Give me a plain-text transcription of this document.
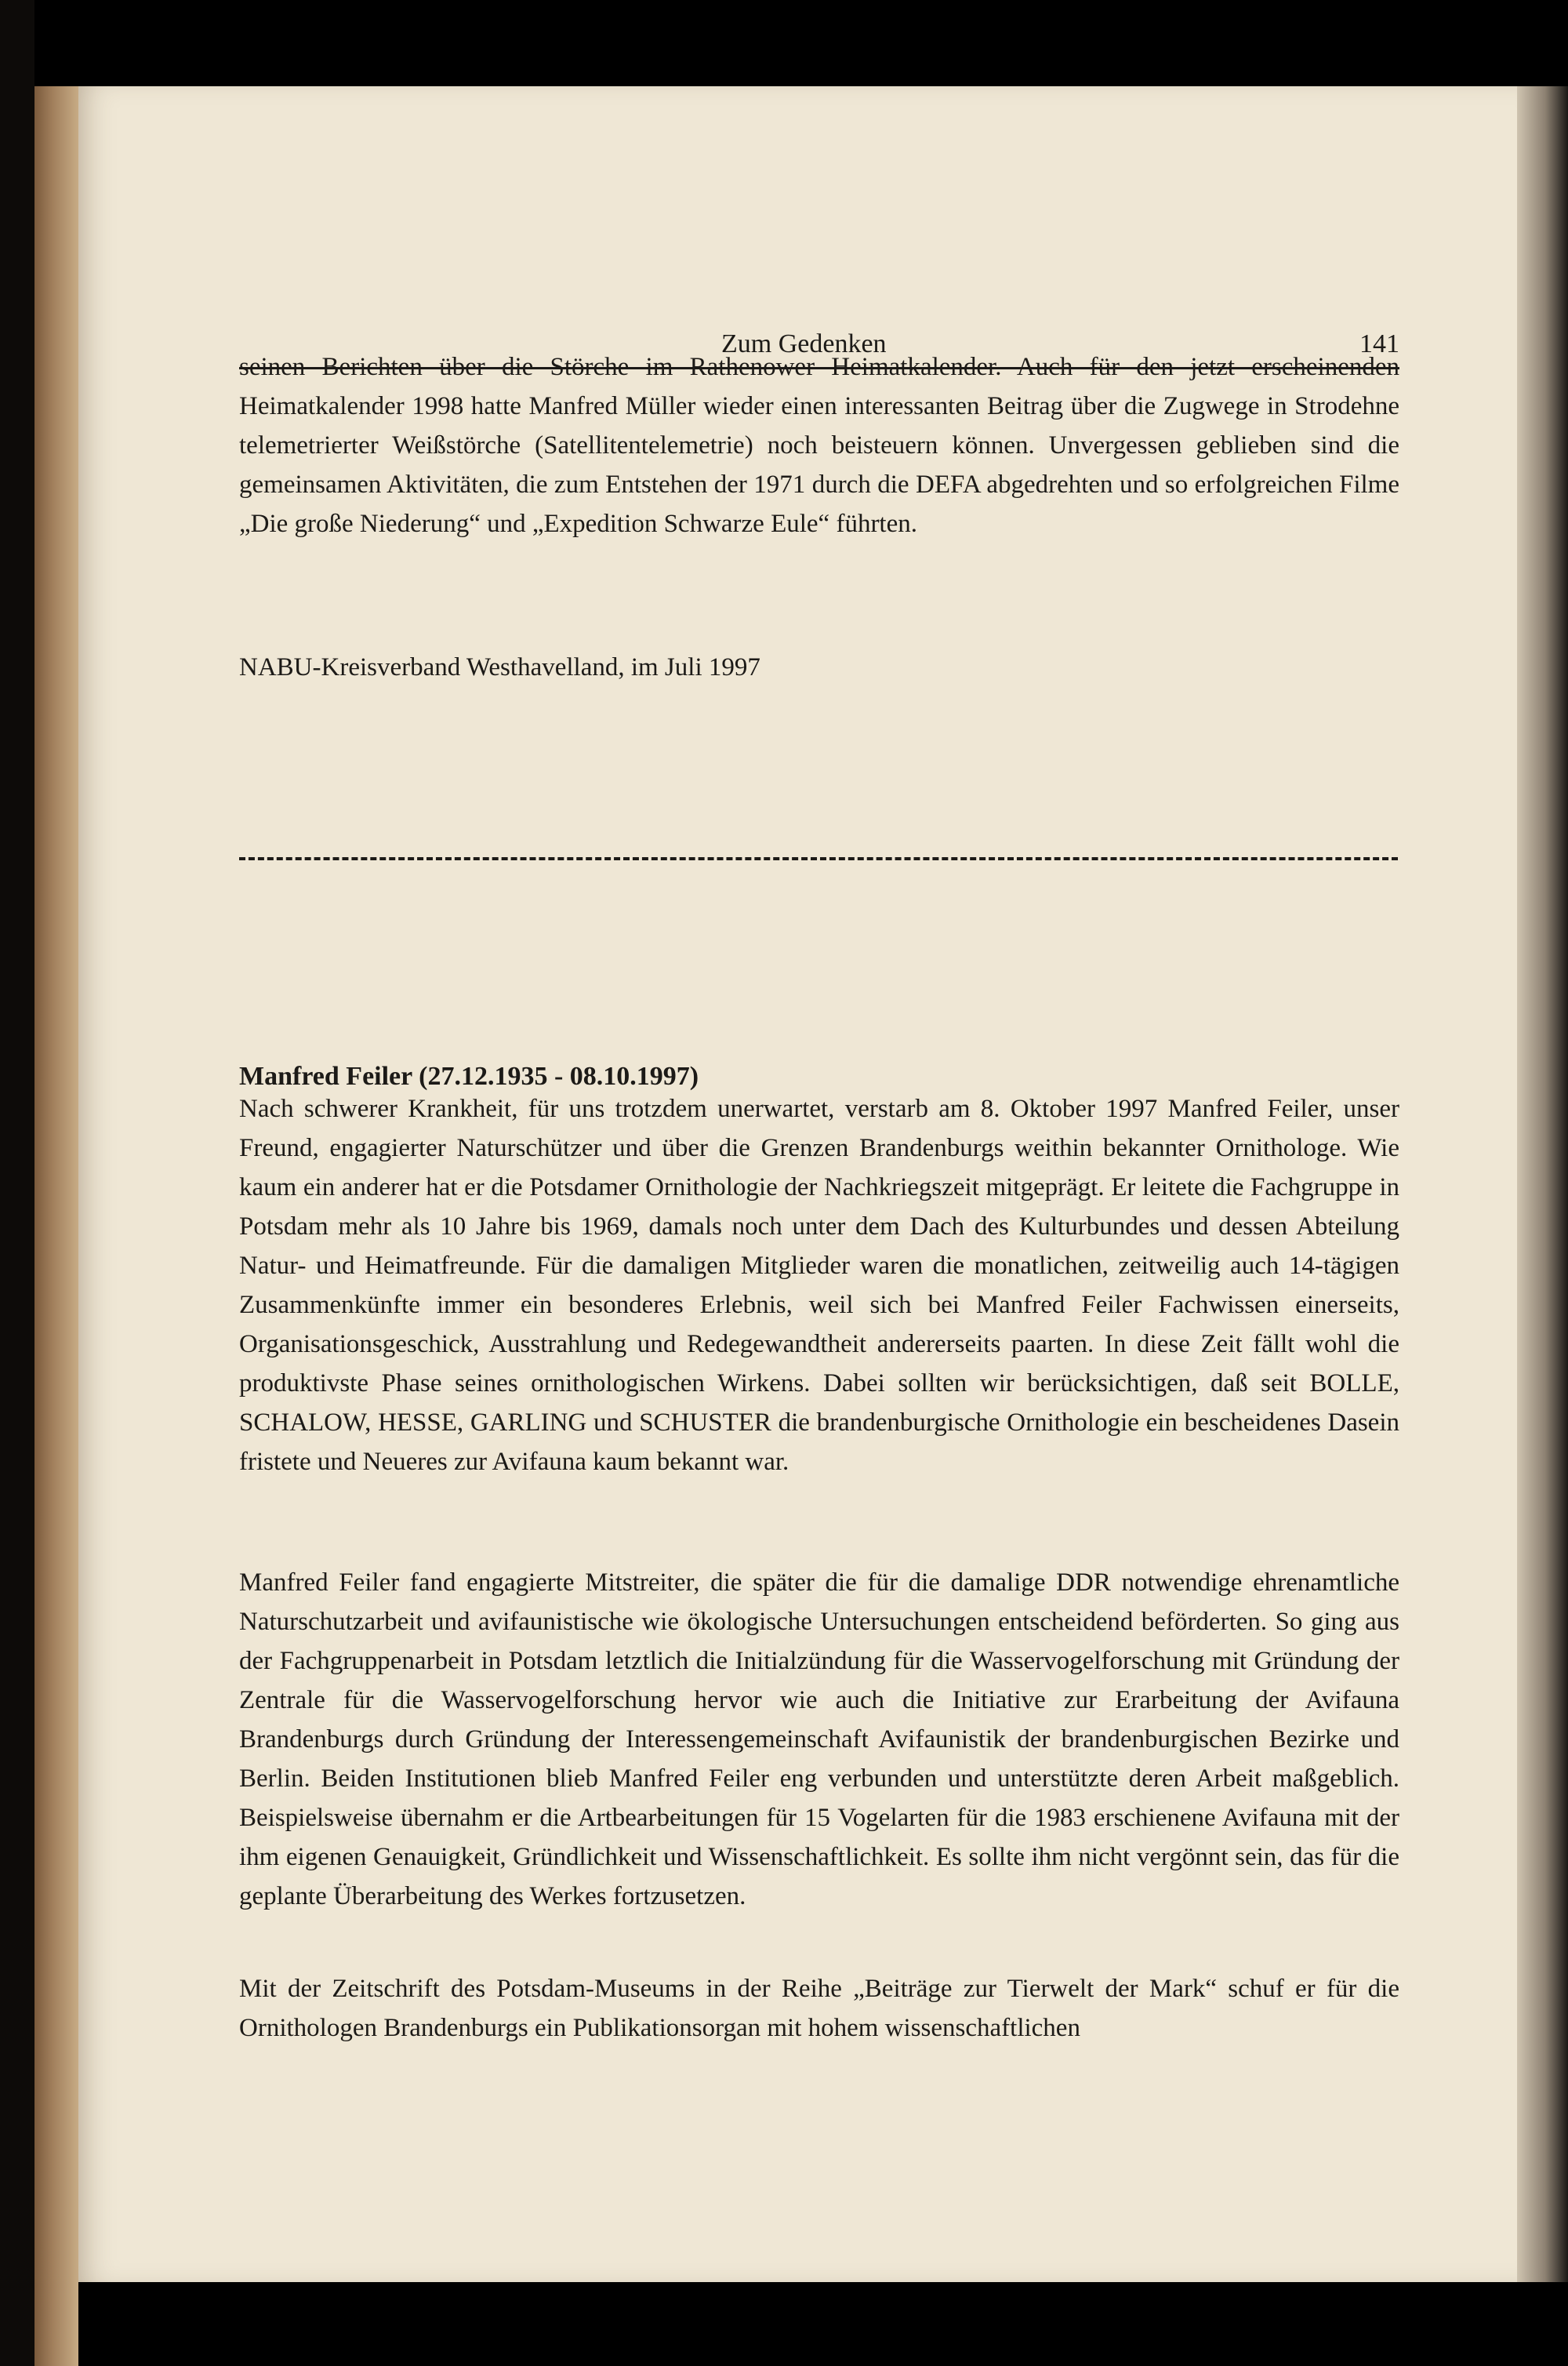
Zum Gedenken	141

seinen Berichten über die Störche im Rathenower Heimatkalender. Auch für den jetzt erscheinenden Heimatkalender 1998 hatte Manfred Müller wieder einen interessanten Beitrag über die Zugwege in Strodehne telemetrierter Weißstörche (Satellitentelemetrie) noch beisteuern können. Unvergessen geblieben sind die gemeinsamen Aktivitäten, die zum Entstehen der 1971 durch die DEFA abgedrehten und so erfolgreichen Filme „Die große Niederung“ und „Expedition Schwarze Eule“ führten.

NABU-Kreisverband Westhavelland, im Juli 1997

Manfred Feiler (27.12.1935 - 08.10.1997)

Nach schwerer Krankheit, für uns trotzdem unerwartet, verstarb am 8. Oktober 1997 Manfred Feiler, unser Freund, engagierter Naturschützer und über die Grenzen Brandenburgs weithin bekannter Ornithologe. Wie kaum ein anderer hat er die Potsdamer Ornithologie der Nachkriegszeit mitgeprägt. Er leitete die Fachgruppe in Potsdam mehr als 10 Jahre bis 1969, damals noch unter dem Dach des Kulturbundes und dessen Abteilung Natur- und Heimatfreunde. Für die damaligen Mitglieder waren die monatlichen, zeitweilig auch 14-tägigen Zusammenkünfte immer ein besonderes Erlebnis, weil sich bei Manfred Feiler Fachwissen einerseits, Organisationsgeschick, Ausstrahlung und Redegewandtheit andererseits paarten. In diese Zeit fällt wohl die produktivste Phase seines ornithologischen Wirkens. Dabei sollten wir berücksichtigen, daß seit BOLLE, SCHALOW, HESSE, GARLING und SCHUSTER die brandenburgische Ornithologie ein bescheidenes Dasein fristete und Neueres zur Avifauna kaum bekannt war.

Manfred Feiler fand engagierte Mitstreiter, die später die für die damalige DDR notwendige ehrenamtliche Naturschutzarbeit und avifaunistische wie ökologische Untersuchungen entscheidend beförderten. So ging aus der Fachgruppenarbeit in Potsdam letztlich die Initialzündung für die Wasservogelforschung mit Gründung der Zentrale für die Wasservogelforschung hervor wie auch die Initiative zur Erarbeitung der Avifauna Brandenburgs durch Gründung der Interessengemeinschaft Avifaunistik der brandenburgischen Bezirke und Berlin. Beiden Institutionen blieb Manfred Feiler eng verbunden und unterstützte deren Arbeit maßgeblich. Beispielsweise übernahm er die Artbearbeitungen für 15 Vogelarten für die 1983 erschienene Avifauna mit der ihm eigenen Genauigkeit, Gründlichkeit und Wissenschaftlichkeit. Es sollte ihm nicht vergönnt sein, das für die geplante Überarbeitung des Werkes fortzusetzen.

Mit der Zeitschrift des Potsdam-Museums in der Reihe „Beiträge zur Tierwelt der Mark“ schuf er für die Ornithologen Brandenburgs ein Publikationsorgan mit hohem wissenschaftlichen
